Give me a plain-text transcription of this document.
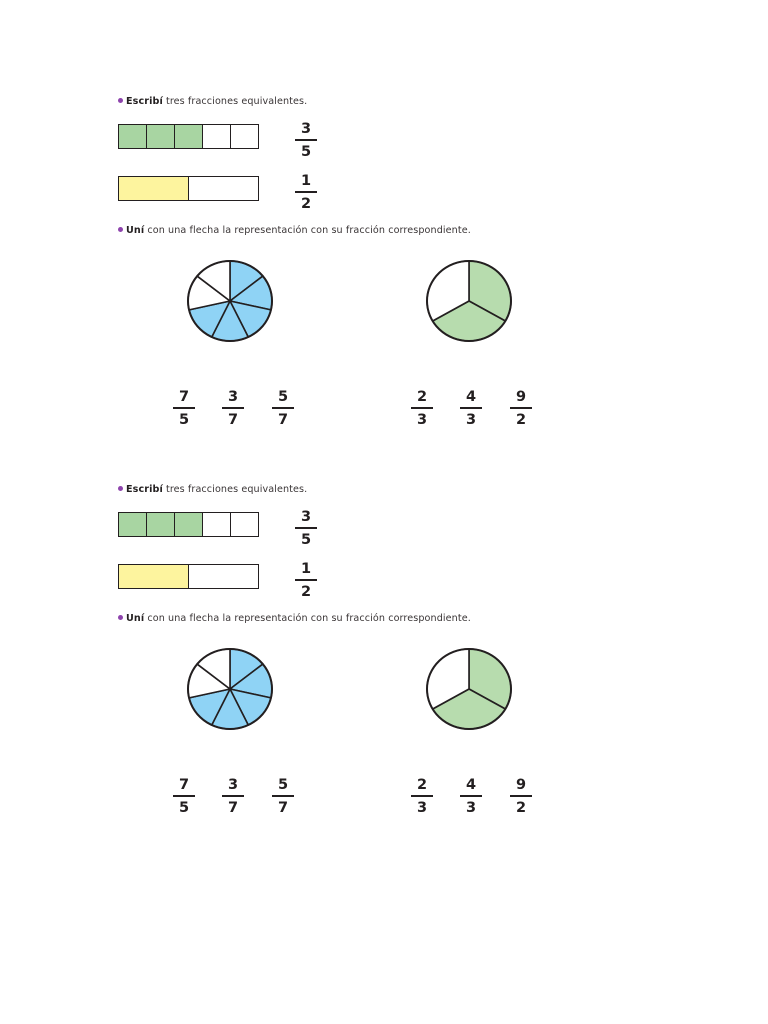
Escribí tres fracciones equivalentes.
3
5
1
2
Uní con una flecha la representación con su fracción correspondiente.
7
5
3
7
5
7
2
3
4
3
9
2
Escribí tres fracciones equivalentes.
3
5
1
2
Uní con una flecha la representación con su fracción correspondiente.
7
5
3
7
5
7
2
3
4
3
9
2
